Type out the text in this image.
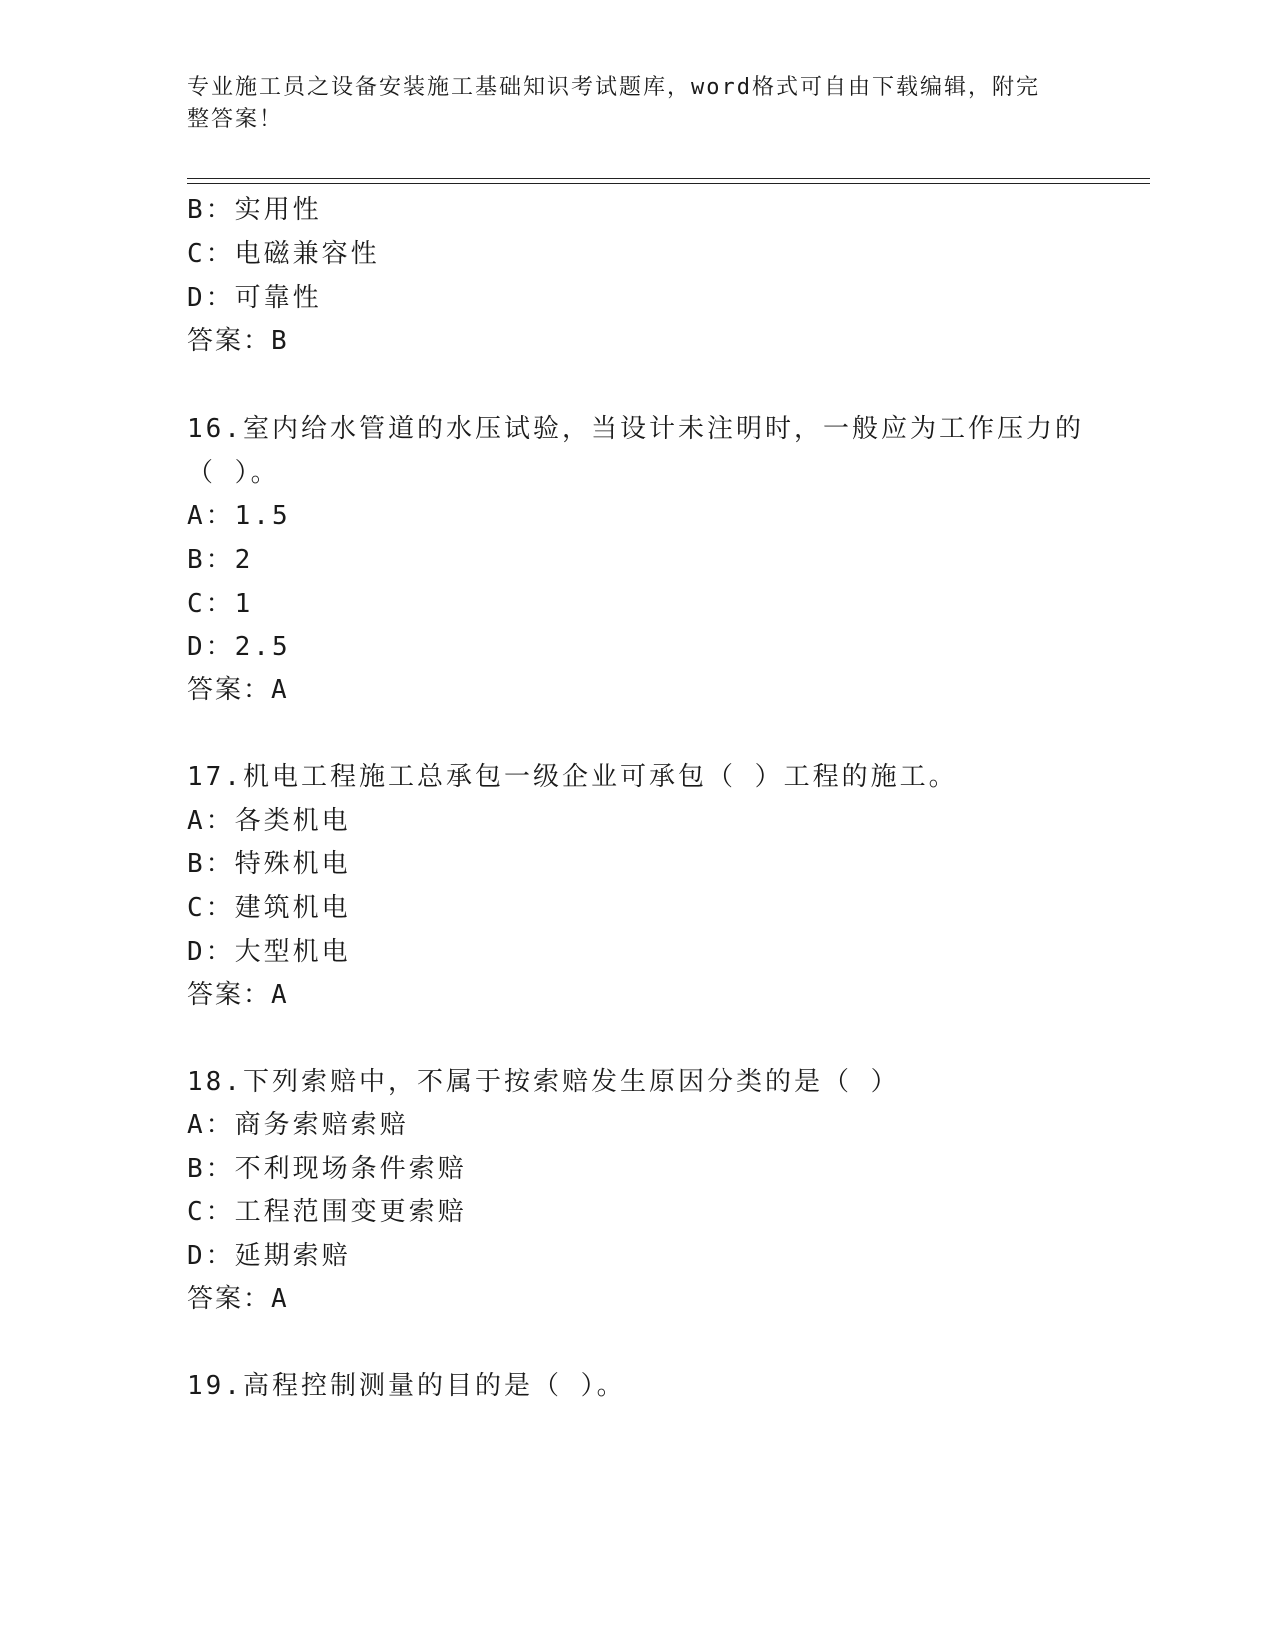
专业施工员之设备安装施工基础知识考试题库，word格式可自由下载编辑，附完
整答案！
B：实用性
C：电磁兼容性
D：可靠性
答案：B
16.室内给水管道的水压试验，当设计未注明时，一般应为工作压力的
（ ）。
A：1.5
B：2
C：1
D：2.5
答案：A
17.机电工程施工总承包一级企业可承包（ ）工程的施工。
A：各类机电
B：特殊机电
C：建筑机电
D：大型机电
答案：A
18.下列索赔中，不属于按索赔发生原因分类的是（ ）
A：商务索赔索赔
B：不利现场条件索赔
C：工程范围变更索赔
D：延期索赔
答案：A
19.高程控制测量的目的是（ ）。
